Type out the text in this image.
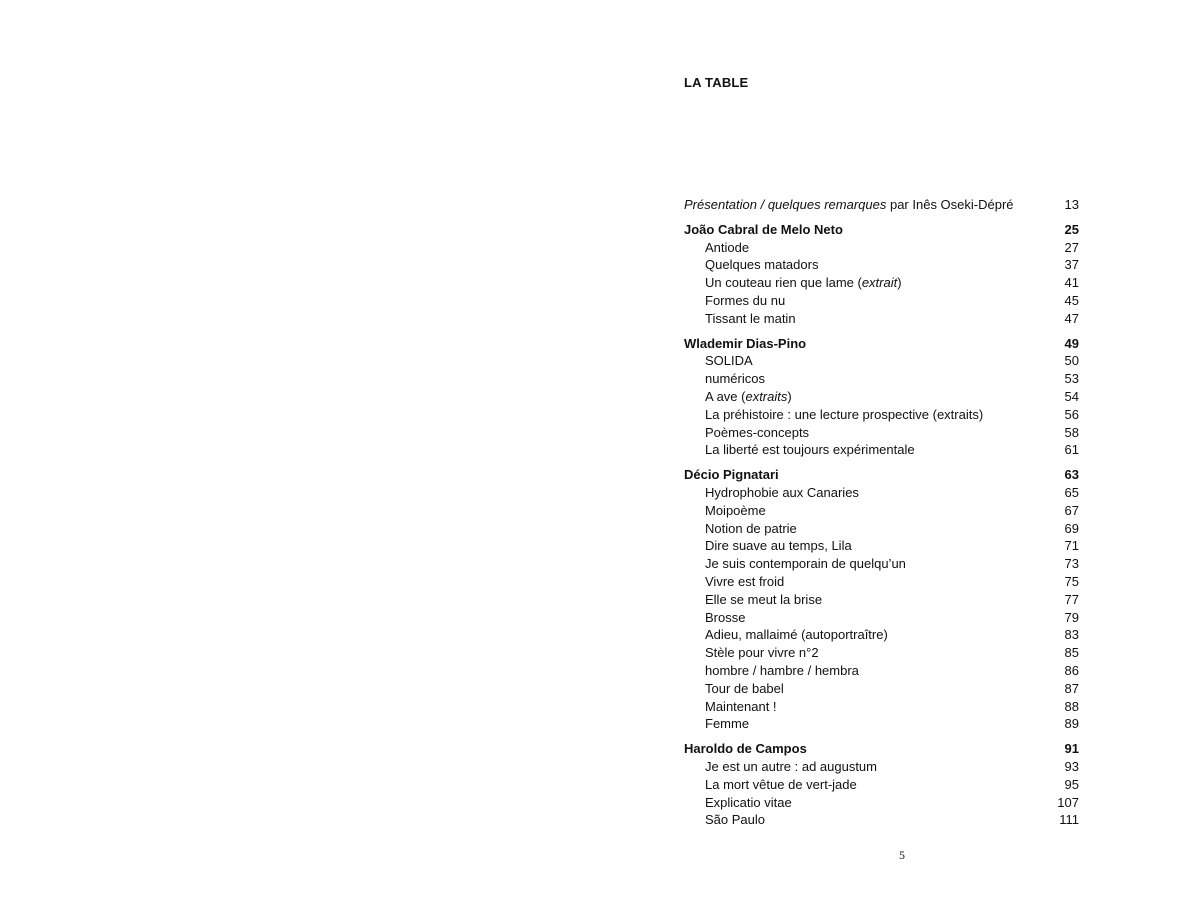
LA TABLE
Présentation / quelques remarques par Inês Oseki-Dépré	13
João Cabral de Melo Neto	25
Antiode	27
Quelques matadors	37
Un couteau rien que lame (extrait)	41
Formes du nu	45
Tissant le matin	47
Wlademir Dias-Pino	49
SOLIDA	50
numéricos	53
A ave (extraits)	54
La préhistoire : une lecture prospective (extraits)	56
Poèmes-concepts	58
La liberté est toujours expérimentale	61
Décio Pignatari	63
Hydrophobie aux Canaries	65
Moipoème	67
Notion de patrie	69
Dire suave au temps, Lila	71
Je suis contemporain de quelqu’un	73
Vivre est froid	75
Elle se meut la brise	77
Brosse	79
Adieu, mallaimé (autoportraître)	83
Stèle pour vivre n°2	85
hombre / hambre / hembra	86
Tour de babel	87
Maintenant !	88
Femme	89
Haroldo de Campos	91
Je est un autre : ad augustum	93
La mort vêtue de vert-jade	95
Explicatio vitae	107
São Paulo	111
5
